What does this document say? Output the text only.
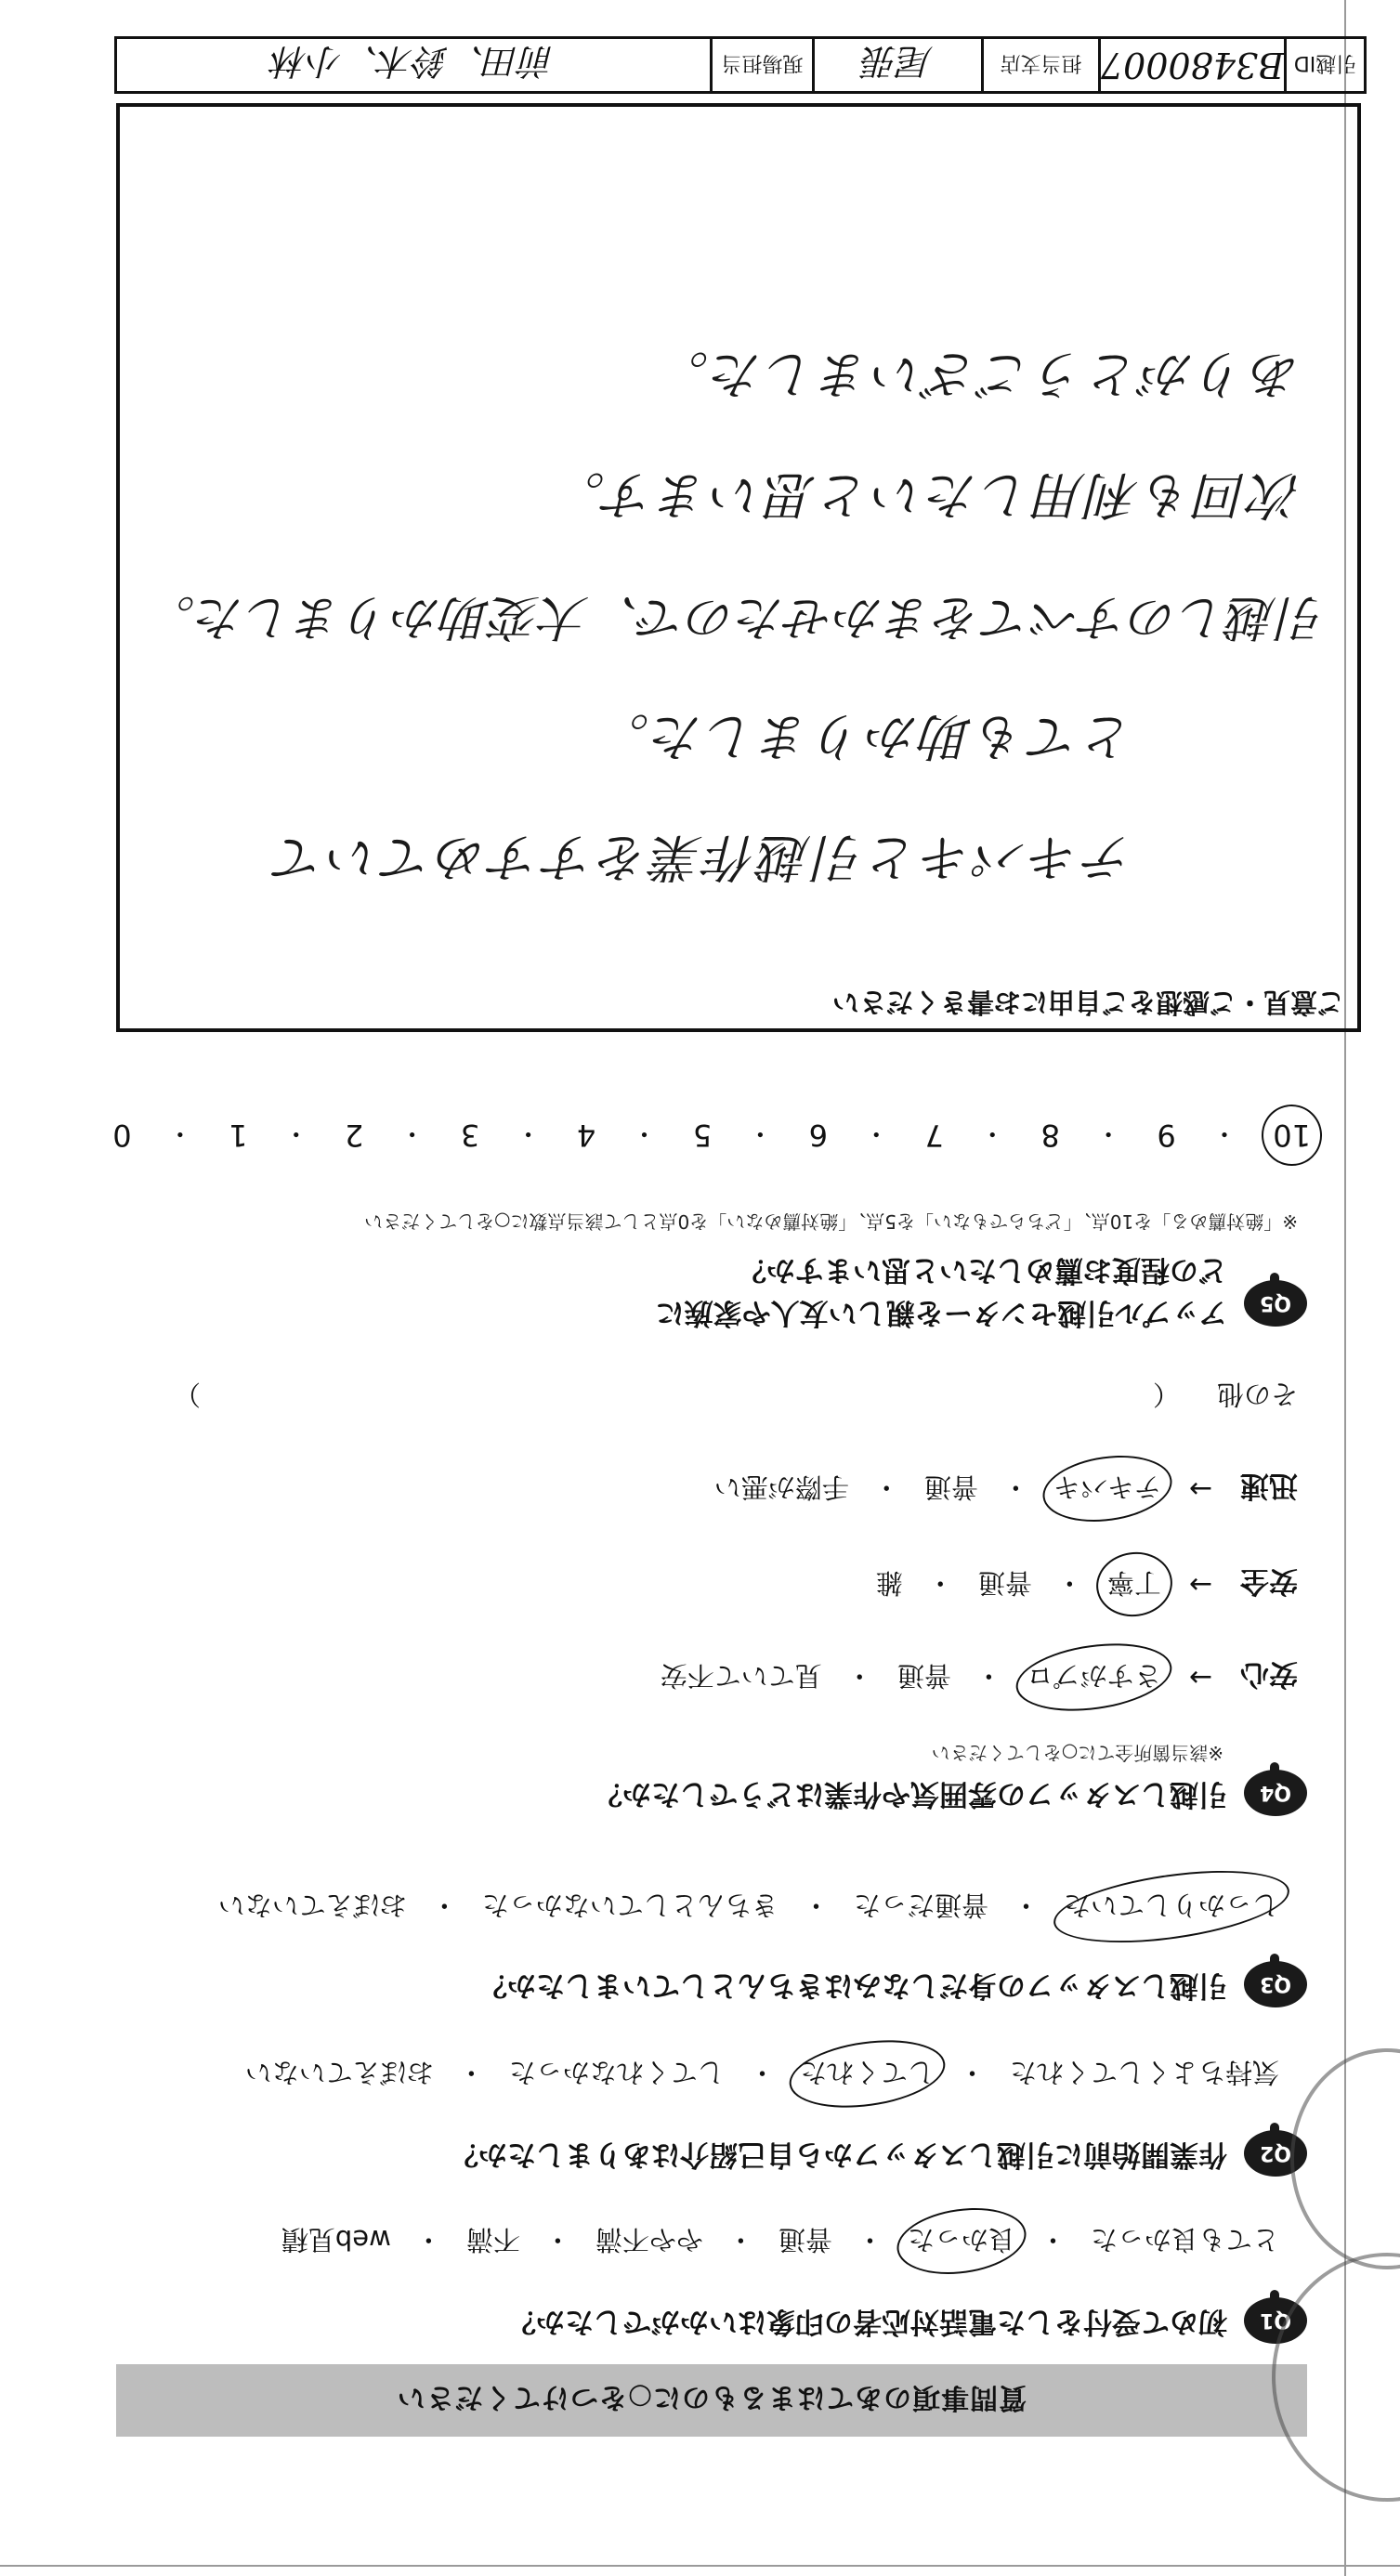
質問事項のあてはまるものに○をつけてください
Q1
初めて受付をした電話対応者の印象はいかがでしたか？
とても良かった
・
良かった
・
普通
・
やや不満
・
不満
・
web見積
Q2
作業開始前に引越しスタッフから自己紹介はありましたか？
気持ちよくしてくれた
・
してくれた
・
してくれなかった
・
おぼえていない
Q3
引越しスタッフの身だしなみはきちんとしていましたか？
しっかりしていた
・
普通だった
・
きちんとしていなかった
・
おぼえていない
Q4
引越しスタッフの雰囲気や作業はどうでしたか？
※該当箇所全てに○をしてください
安心
→
さすがプロ
・
普通
・
見ていて不安
安全
→
丁寧
・
普通
・
雑
迅速
→
テキパキ
・
普通
・
手際が悪い
その他
（
）
Q5
アップル引越センターを親しい友人や家族に
どの程度お薦めしたいと思いますか？
※「絶対薦める」を10点、「どちらでもない」を5点、「絶対薦めない」を0点として該当点数に○をしてください
10
・
9
・
8
・
7
・
6
・
5
・
4
・
3
・
2
・
1
・
0
ご意見・ご感想をご自由にお書きください
テキパキと引越作業をすすめていて
とても助かりました。
引越しのすべてをまかせたので、大変助かりました。
次回も利用したいと思います。
ありがとうございました。
引越ID
B3480007
担当支店
尾張
現場担当
前田、鈴木、小林
